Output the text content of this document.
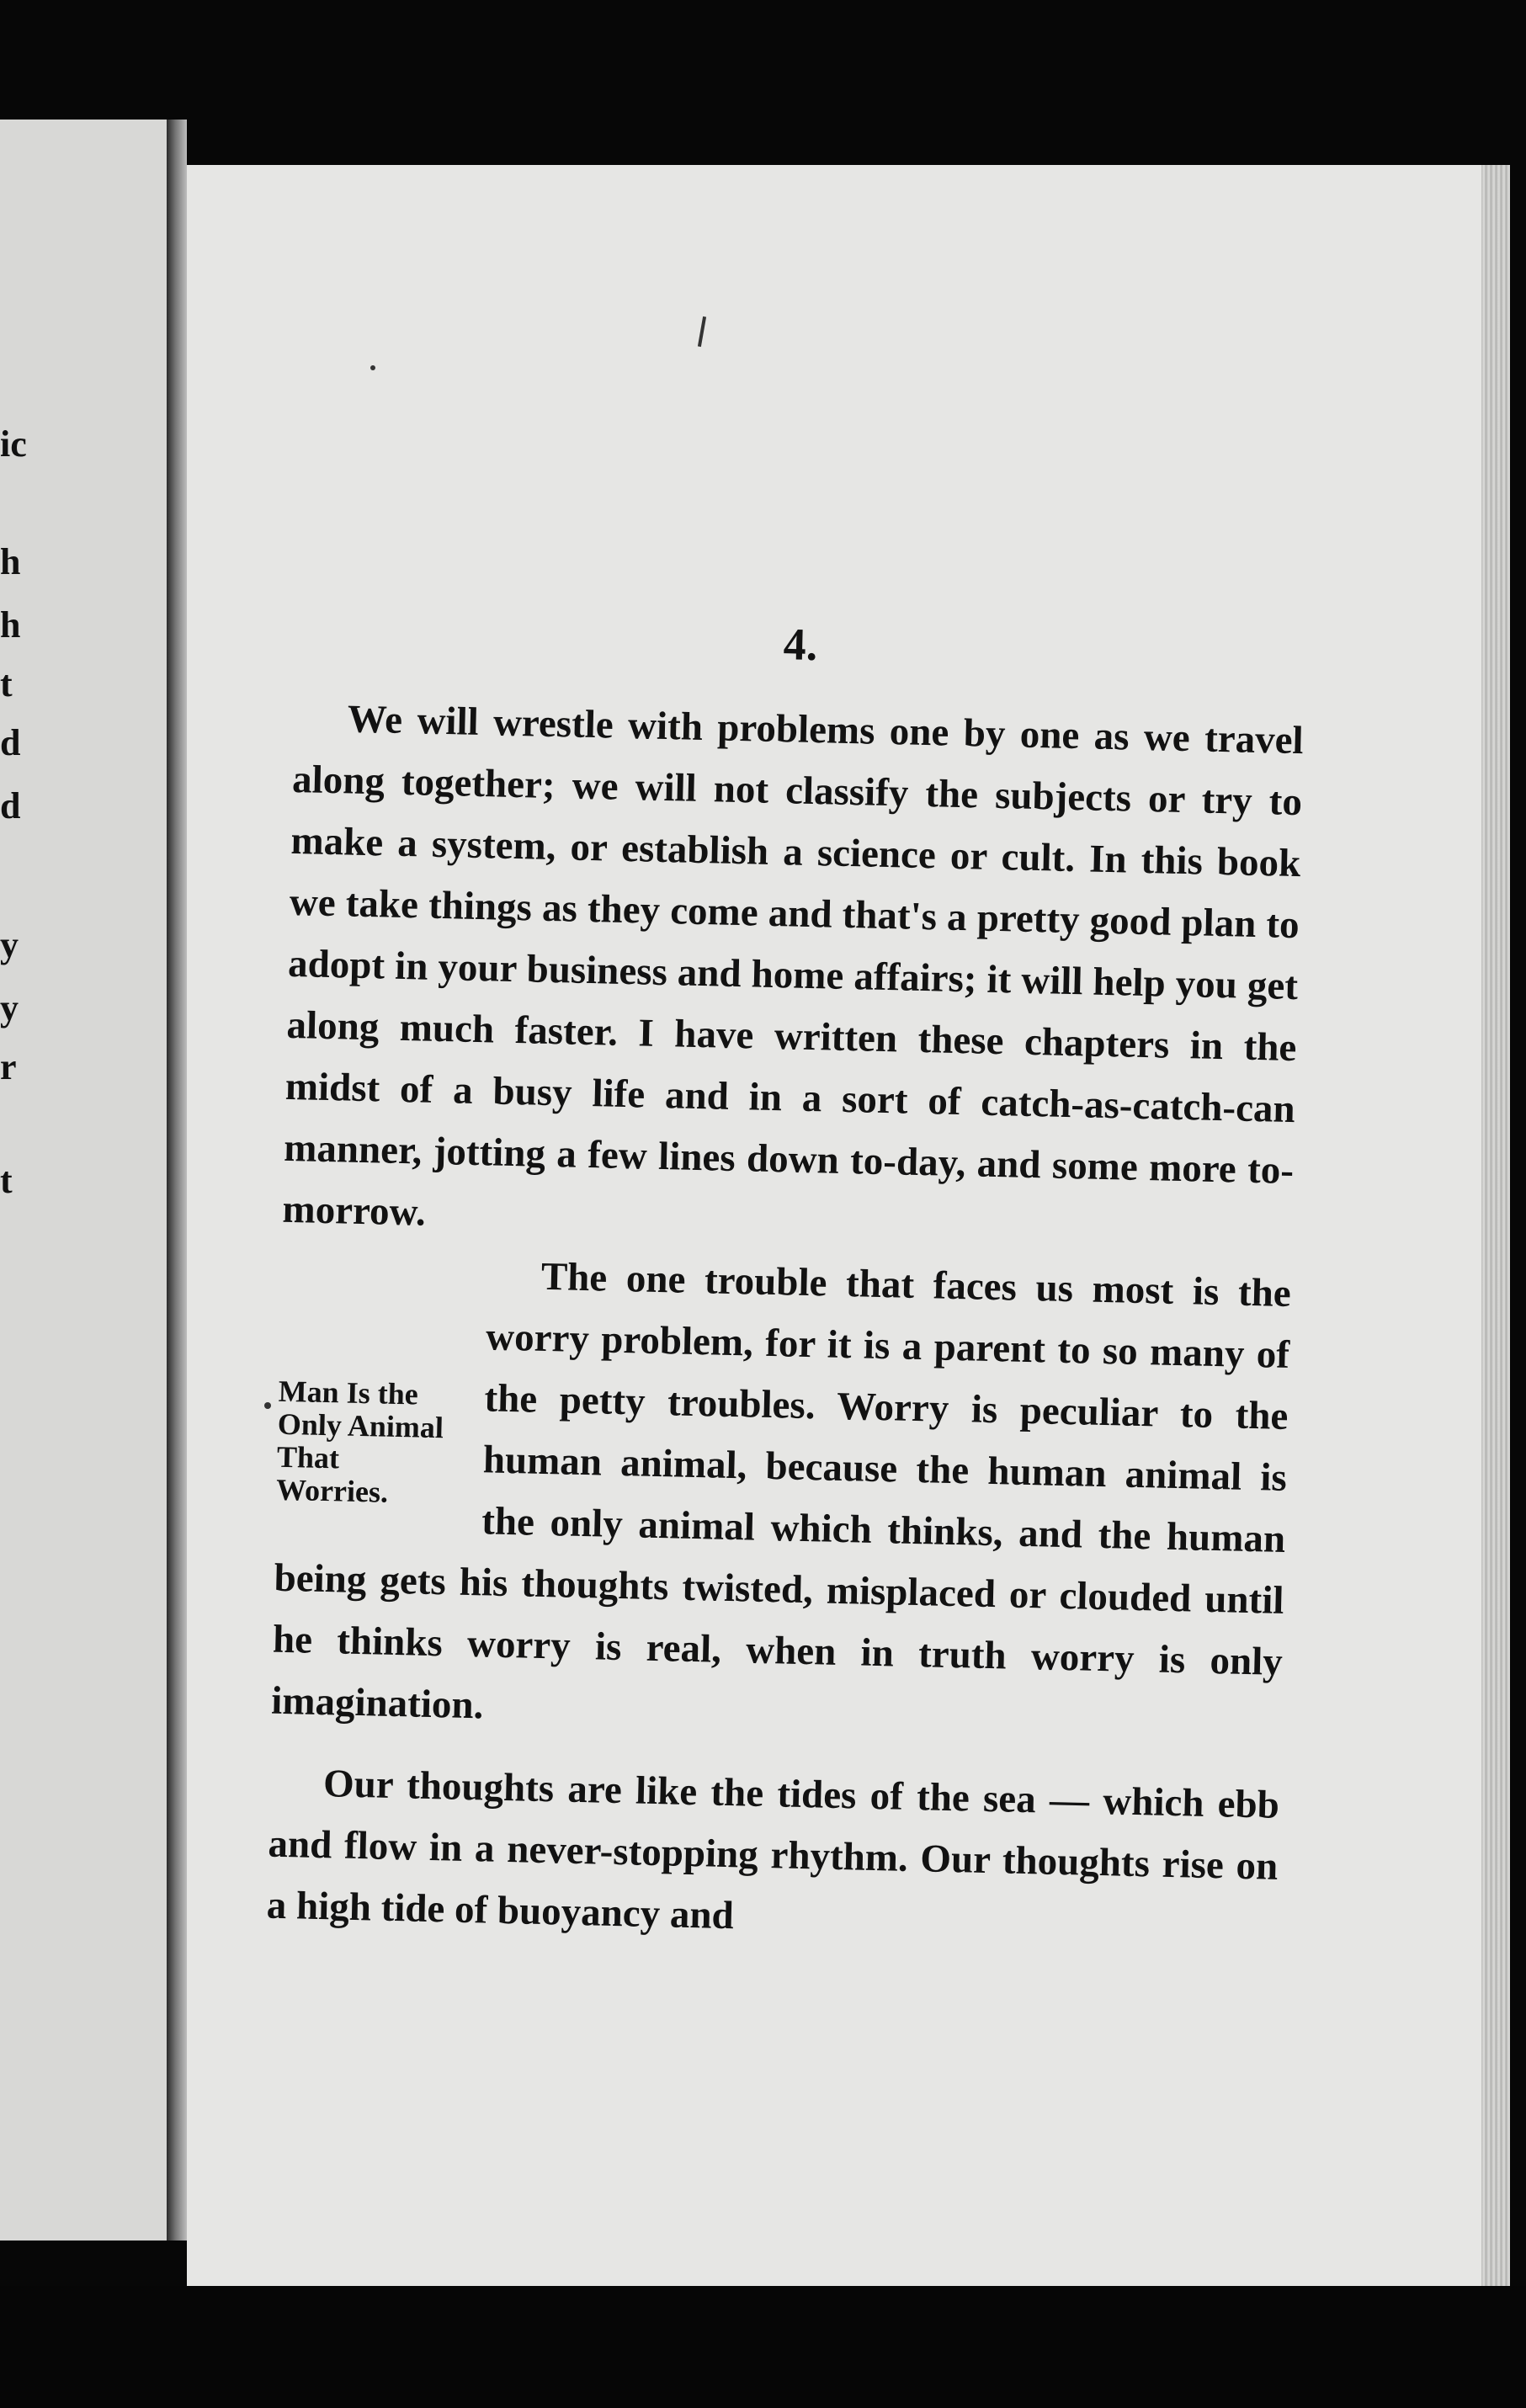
ic
h
h
t
d
d
y
y
r
t
4.

We will wrestle with problems one by one as we travel along together; we will not classify the subjects or try to make a system, or establish a science or cult. In this book we take things as they come and that's a pretty good plan to adopt in your business and home affairs; it will help you get along much faster. I have written these chapters in the midst of a busy life and in a sort of catch-as-catch-can manner, jotting a few lines down to-day, and some more to-morrow.

Man Is the Only Animal That Worries.

The one trouble that faces us most is the worry problem, for it is a parent to so many of the petty troubles. Worry is peculiar to the human animal, because the human animal is the only animal which thinks, and the human being gets his thoughts twisted, misplaced or clouded until he thinks worry is real, when in truth worry is only imagination.

Our thoughts are like the tides of the sea — which ebb and flow in a never-stopping rhythm. Our thoughts rise on a high tide of buoyancy and
